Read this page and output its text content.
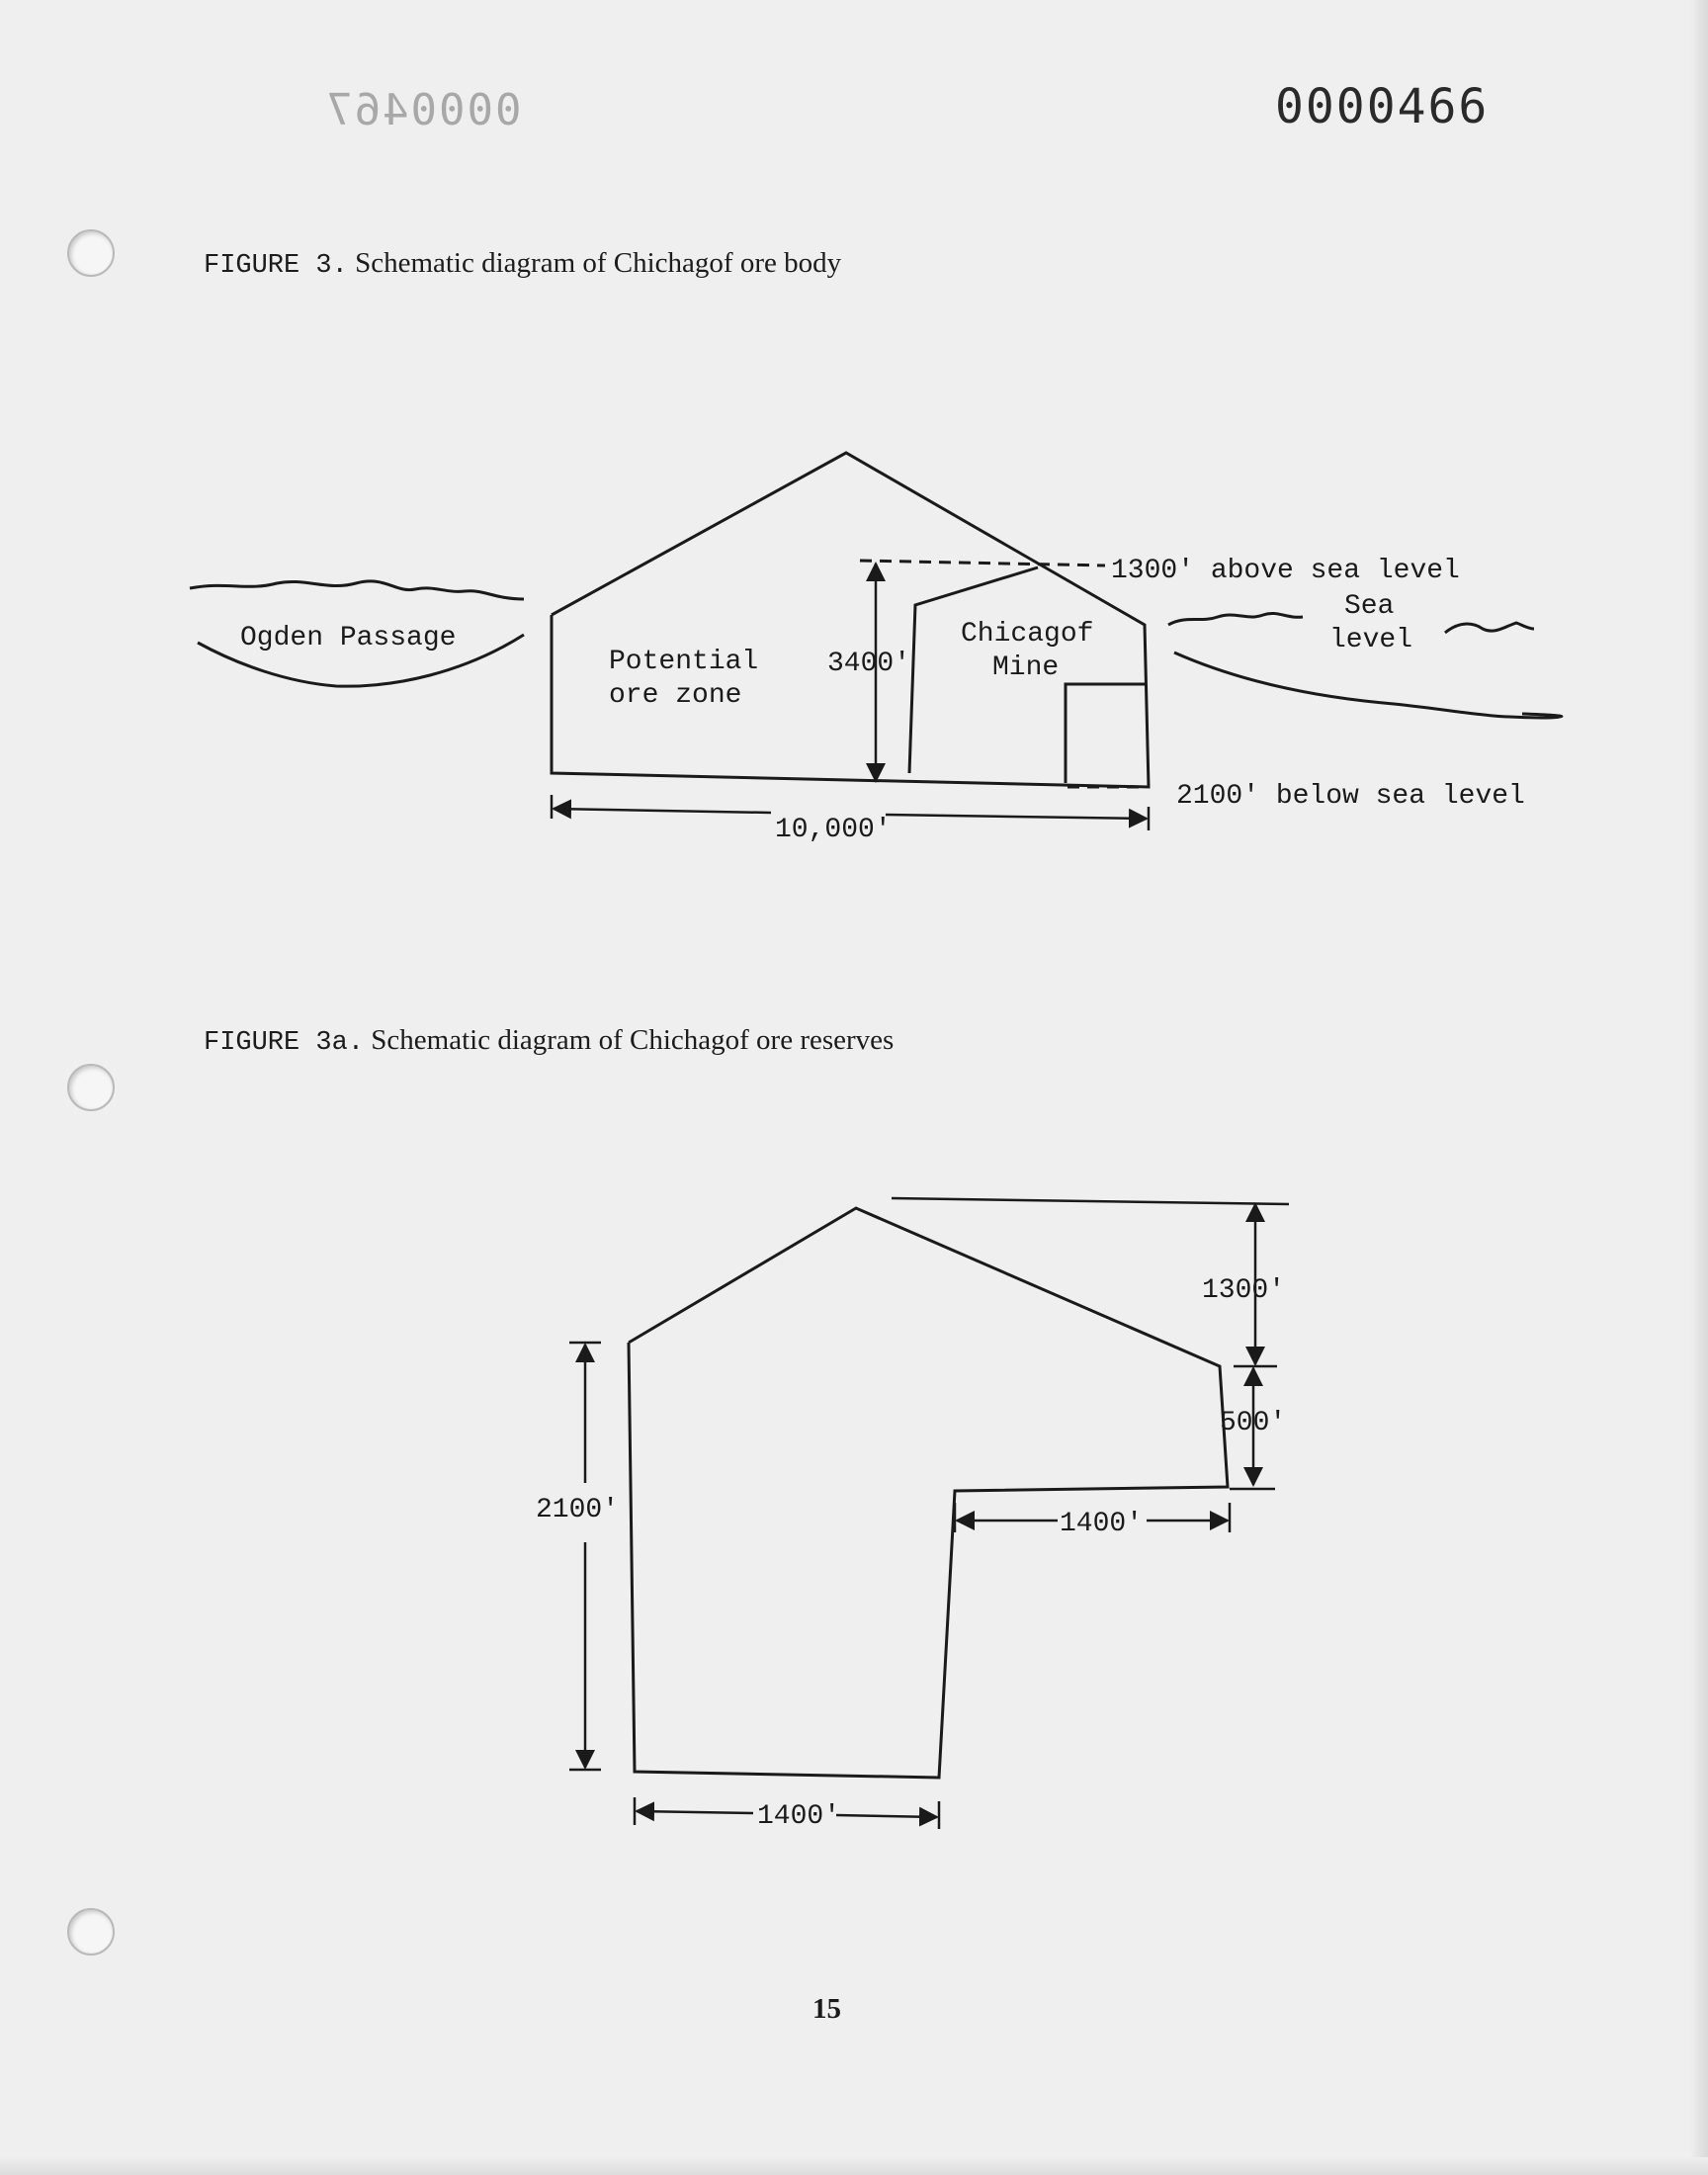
0000467	0000466
FIGURE 3. Schematic diagram of Chichagof ore body
FIGURE 3a. Schematic diagram of Chichagof ore reserves
Ogden Passage
Potential
ore zone
3400'
Chicagof
Mine
1300' above sea level
Sea
level
2100' below sea level
10,000'
1300'
500'
2100'	1400'
1400'
15
